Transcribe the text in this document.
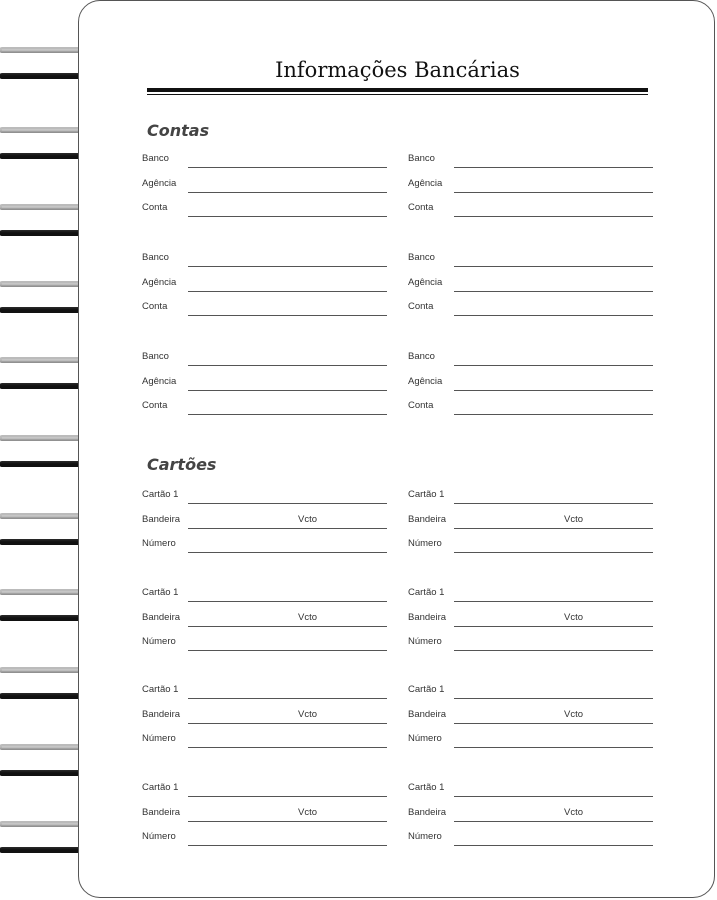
Informações Bancárias
Contas
Cartões
Banco
Agência
Conta
Banco
Agência
Conta
Banco
Agência
Conta
Banco
Agência
Conta
Banco
Agência
Conta
Banco
Agência
Conta
Cartão 1
Bandeira	Vcto
Número
Cartão 1
Bandeira	Vcto
Número
Cartão 1
Bandeira	Vcto
Número
Cartão 1
Bandeira	Vcto
Número
Cartão 1
Bandeira	Vcto
Número
Cartão 1
Bandeira	Vcto
Número
Cartão 1
Bandeira	Vcto
Número
Cartão 1
Bandeira	Vcto
Número
